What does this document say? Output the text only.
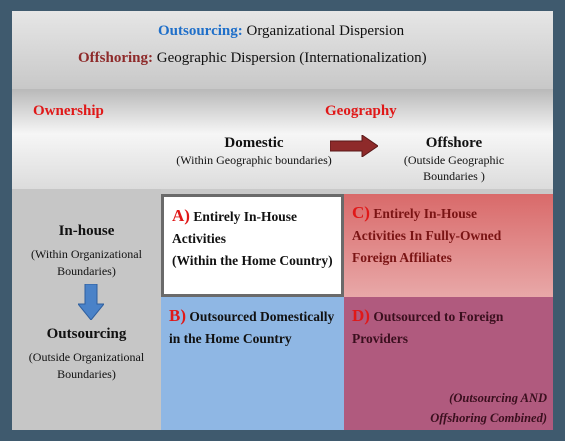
Outsourcing: Organizational Dispersion
Offshoring: Geographic Dispersion (Internationalization)
Ownership	Geography
Domestic
(Within Geographic boundaries)
Offshore
(Outside Geographic
Boundaries )
In-house
(Within Organizational
Boundaries)
Outsourcing
(Outside Organizational
Boundaries)
A) Entirely In-House
Activities
(Within the Home Country)
C) Entirely In-House
Activities In Fully-Owned
Foreign Affiliates
B) Outsourced Domestically
in the Home Country
D) Outsourced to Foreign
Providers
(Outsourcing AND
Offshoring Combined)
